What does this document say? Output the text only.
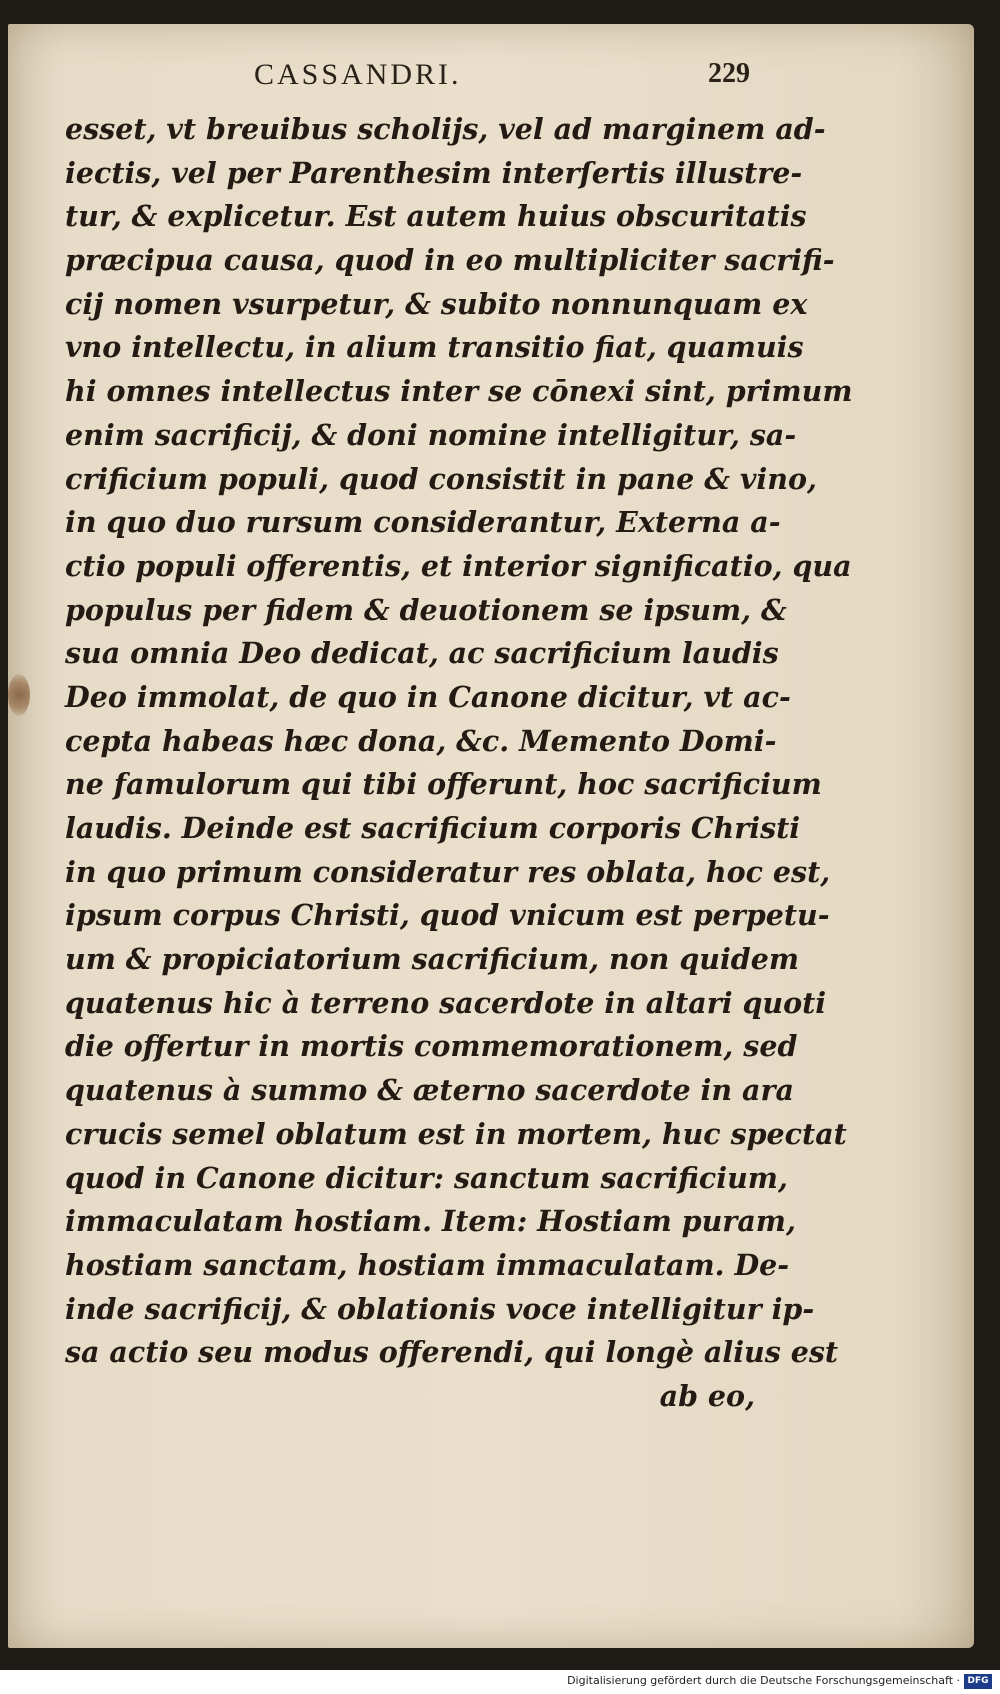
CASSANDRI.	229
esset, vt breuibus scholijs, vel ad marginem ad-
iectis, vel per Parenthesim interſertis illustre-
tur, & explicetur. Est autem huius obscuritatis
præcipua causa, quod in eo multipliciter sacrifi-
cij nomen vsurpetur, & subito nonnunquam ex
vno intellectu, in alium transitio fiat, quamuis
hi omnes intellectus inter se cōnexi sint, primum
enim sacrificij, & doni nomine intelligitur, sa-
crificium populi, quod consistit in pane & vino,
in quo duo rursum considerantur, Externa a-
ctio populi offerentis, et interior significatio, qua
populus per fidem & deuotionem se ipsum, &
sua omnia Deo dedicat, ac sacrificium laudis
Deo immolat, de quo in Canone dicitur, vt ac-
cepta habeas hæc dona, &c. Memento Domi-
ne famulorum qui tibi offerunt, hoc sacrificium
laudis. Deinde est sacrificium corporis Christi
in quo primum consideratur res oblata, hoc est,
ipsum corpus Christi, quod vnicum est perpetu-
um & propiciatorium sacrificium, non quidem
quatenus hic à terreno sacerdote in altari quoti
die offertur in mortis commemorationem, sed
quatenus à summo & æterno sacerdote in ara
crucis semel oblatum est in mortem, huc spectat
quod in Canone dicitur: sanctum sacrificium,
immaculatam hostiam. Item: Hostiam puram,
hostiam sanctam, hostiam immaculatam. De-
inde sacrificij, & oblationis voce intelligitur ip-
sa actio seu modus offerendi, qui longè alius est
ab eo,
Digitalisierung gefördert durch die Deutsche Forschungsgemeinschaft · DFG
